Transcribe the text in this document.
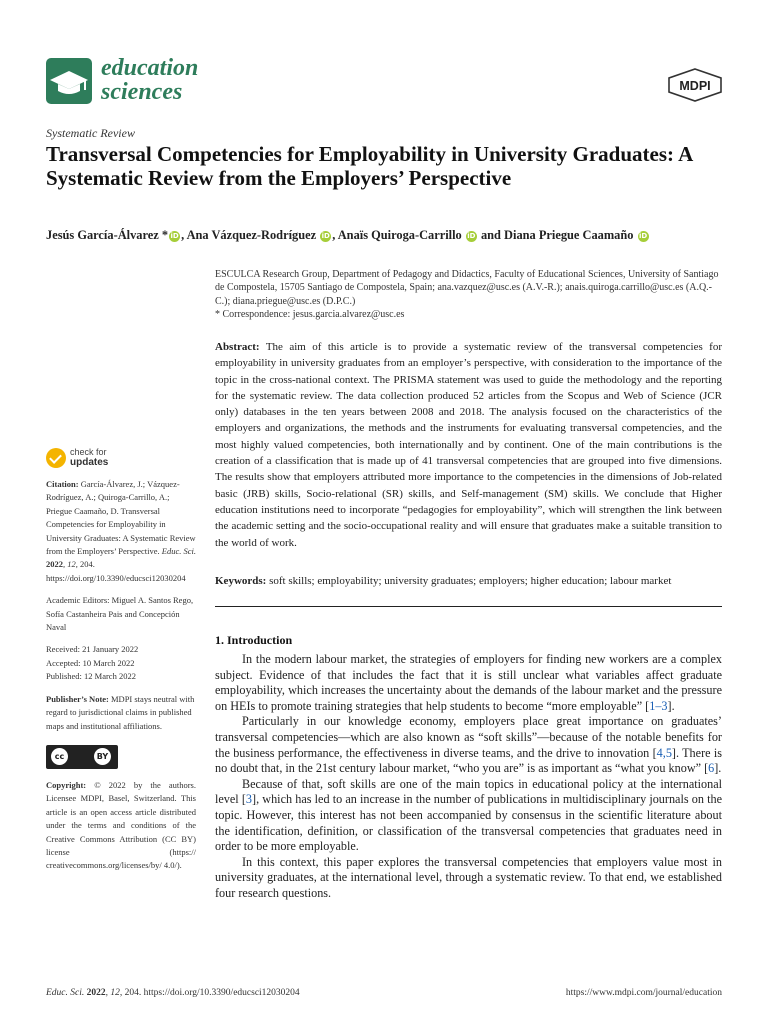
education
sciences	MDPI
Systematic Review
Transversal Competencies for Employability in University Graduates: A Systematic Review from the Employers’ Perspective
Jesús García-Álvarez * iD , Ana Vázquez-Rodríguez iD , Anaïs Quiroga-Carrillo iD and Diana Priegue Caamaño iD

ESCULCA Research Group, Department of Pedagogy and Didactics, Faculty of Educational Sciences, University of Santiago de Compostela, 15705 Santiago de Compostela, Spain; ana.vazquez@usc.es (A.V.-R.); anais.quiroga.carrillo@usc.es (A.Q.-C.); diana.priegue@usc.es (D.P.C.)

* Correspondence: jesus.garcia.alvarez@usc.es

Abstract: The aim of this article is to provide a systematic review of the transversal competencies for employability in university graduates from an employer’s perspective, with consideration to the importance of the topic in the cross-national context. The PRISMA statement was used to guide the methodology and the reporting for the systematic review. The data collection produced 52 articles from the Scopus and Web of Science (JCR only) databases in the ten years between 2008 and 2018. The analysis focused on the characteristics of the employers and organizations, the methods and the instruments for evaluating transversal competencies, and the most highly valued competencies, both internationally and by continent. One of the main contributions is the creation of a classification that is made up of 41 transversal competencies that are grouped into five dimensions. The results show that employers attributed more importance to the competencies in the dimensions of Job-related basic (JRB) skills, Socio-relational (SR) skills, and Self-management (SM) skills. We conclude that Higher education institutions need to incorporate “pedagogies for employability”, which will strengthen the link between the academic setting and the socio-occupational reality and will ensure that graduates make a suitable transition to the world of work.

Keywords: soft skills; employability; university graduates; employers; higher education; labour market

check for
updates

Citation: García-Álvarez, J.; Vázquez-Rodríguez, A.; Quiroga-Carrillo, A.; Priegue Caamaño, D. Transversal Competencies for Employability in University Graduates: A Systematic Review from the Employers’ Perspective. Educ. Sci. 2022, 12, 204. https://doi.org/10.3390/educsci12030204

Academic Editors: Miguel A. Santos Rego, Sofía Castanheira Pais and Concepción Naval

Received: 21 January 2022

Accepted: 10 March 2022

Published: 12 March 2022

Publisher’s Note: MDPI stays neutral with regard to jurisdictional claims in published maps and institutional affiliations.

cc	BY

Copyright: © 2022 by the authors. Licensee MDPI, Basel, Switzerland. This article is an open access article distributed under the terms and conditions of the Creative Commons Attribution (CC BY) license (https:// creativecommons.org/licenses/by/ 4.0/).

1. Introduction

In the modern labour market, the strategies of employers for finding new workers are a complex subject. Evidence of that includes the fact that it is still unclear what variables affect graduate employability, which increases the uncertainty about the demands of the labour market and the pressure on HEIs to promote training strategies that help students to become “more employable” [1–3].

Particularly in our knowledge economy, employers place great importance on graduates’ transversal competencies—which are also known as “soft skills”—because of the notable benefits for the business performance, the effectiveness in diverse teams, and the drive to innovation [4,5]. There is no doubt that, in the 21st century labour market, “who you are” is as important as “what you know” [6].

Because of that, soft skills are one of the main topics in educational policy at the international level [3], which has led to an increase in the number of publications in multidisciplinary journals on the topic. However, this interest has not been accompanied by consensus in the scientific literature about the identification, definition, or classification of the transversal competencies that graduates need in order to be more employable.

In this context, this paper explores the transversal competencies that employers value most in university graduates, at the international level, through a systematic review. To that end, we established four research questions.

Educ. Sci. 2022, 12, 204. https://doi.org/10.3390/educsci12030204	https://www.mdpi.com/journal/education
